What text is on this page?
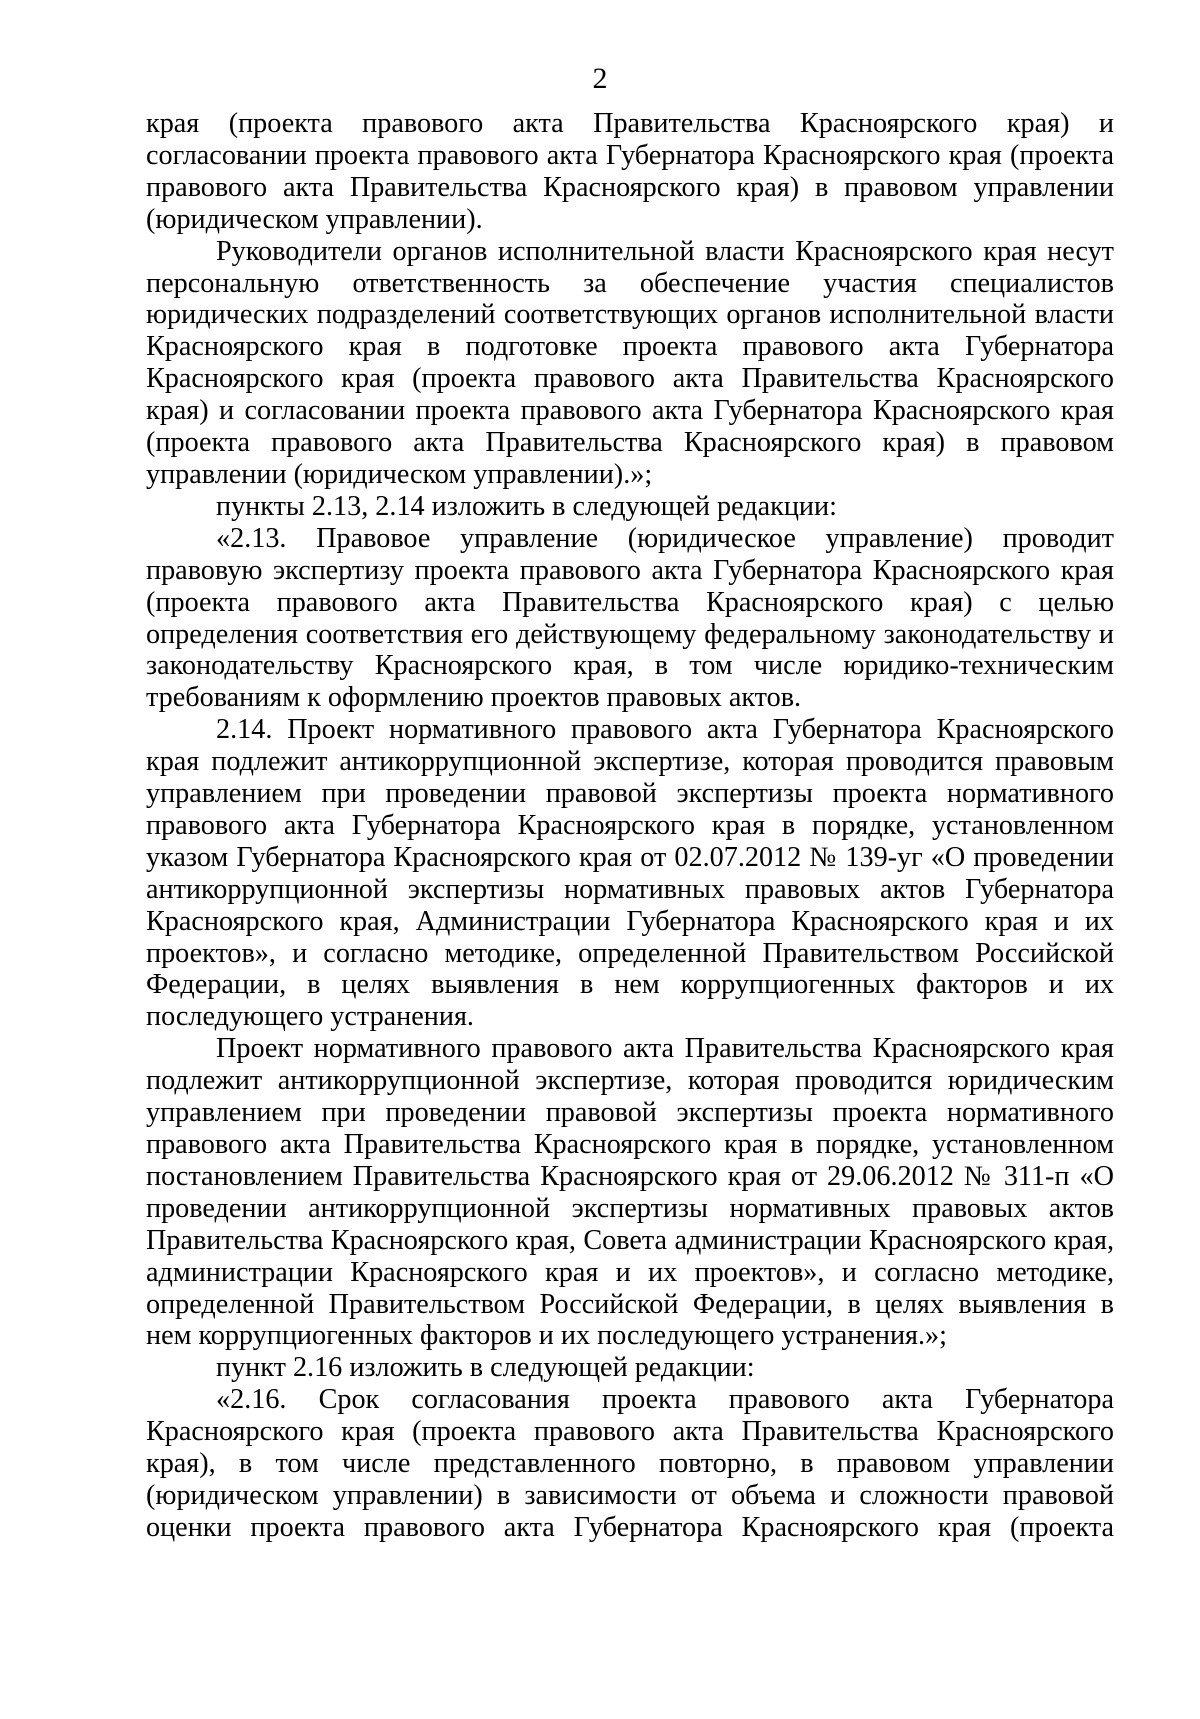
2

края (проекта правового акта Правительства Красноярского края) и согласовании проекта правового акта Губернатора Красноярского края (проекта правового акта Правительства Красноярского края) в правовом управлении (юридическом управлении).

Руководители органов исполнительной власти Красноярского края несут персональную ответственность за обеспечение участия специалистов юридических подразделений соответствующих органов исполнительной власти Красноярского края в подготовке проекта правового акта Губернатора Красноярского края (проекта правового акта Правительства Красноярского края) и согласовании проекта правового акта Губернатора Красноярского края (проекта правового акта Правительства Красноярского края) в правовом управлении (юридическом управлении).»;

пункты 2.13, 2.14 изложить в следующей редакции:

«2.13. Правовое управление (юридическое управление) проводит правовую экспертизу проекта правового акта Губернатора Красноярского края (проекта правового акта Правительства Красноярского края) с целью определения соответствия его действующему федеральному законодательству и законодательству Красноярского края, в том числе юридико-техническим требованиям к оформлению проектов правовых актов.

2.14. Проект нормативного правового акта Губернатора Красноярского края подлежит антикоррупционной экспертизе, которая проводится правовым управлением при проведении правовой экспертизы проекта нормативного правового акта Губернатора Красноярского края в порядке, установленном указом Губернатора Красноярского края от 02.07.2012 № 139-уг «О проведении антикоррупционной экспертизы нормативных правовых актов Губернатора Красноярского края, Администрации Губернатора Красноярского края и их проектов», и согласно методике, определенной Правительством Российской Федерации, в целях выявления в нем коррупциогенных факторов и их последующего устранения.

Проект нормативного правового акта Правительства Красноярского края подлежит антикоррупционной экспертизе, которая проводится юридическим управлением при проведении правовой экспертизы проекта нормативного правового акта Правительства Красноярского края в порядке, установленном постановлением Правительства Красноярского края от 29.06.2012 № 311-п «О проведении антикоррупционной экспертизы нормативных правовых актов Правительства Красноярского края, Совета администрации Красноярского края, администрации Красноярского края и их проектов», и согласно методике, определенной Правительством Российской Федерации, в целях выявления в нем коррупциогенных факторов и их последующего устранения.»;

пункт 2.16 изложить в следующей редакции:

«2.16. Срок согласования проекта правового акта Губернатора Красноярского края (проекта правового акта Правительства Красноярского края), в том числе представленного повторно, в правовом управлении (юридическом управлении) в зависимости от объема и сложности правовой оценки проекта правового акта Губернатора Красноярского края (проекта
